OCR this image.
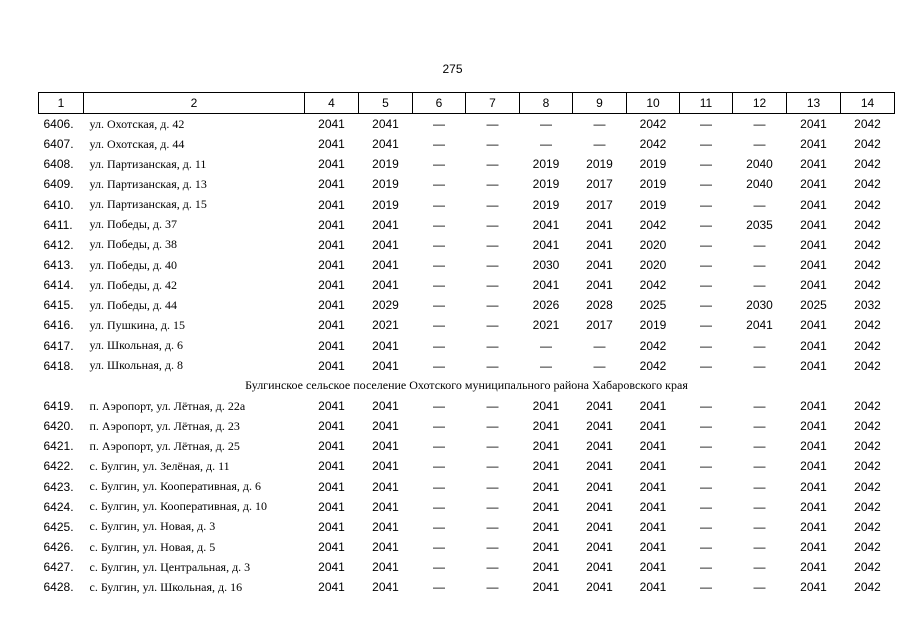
275
1	2	4	5	6	7	8	9	10	11	12	13	14
6406.	ул. Охотская, д. 42	2041	2041	—	—	—	—	2042	—	—	2041	2042
6407.	ул. Охотская, д. 44	2041	2041	—	—	—	—	2042	—	—	2041	2042
6408.	ул. Партизанская, д. 11	2041	2019	—	—	2019	2019	2019	—	2040	2041	2042
6409.	ул. Партизанская, д. 13	2041	2019	—	—	2019	2017	2019	—	2040	2041	2042
6410.	ул. Партизанская, д. 15	2041	2019	—	—	2019	2017	2019	—	—	2041	2042
6411.	ул. Победы, д. 37	2041	2041	—	—	2041	2041	2042	—	2035	2041	2042
6412.	ул. Победы, д. 38	2041	2041	—	—	2041	2041	2020	—	—	2041	2042
6413.	ул. Победы, д. 40	2041	2041	—	—	2030	2041	2020	—	—	2041	2042
6414.	ул. Победы, д. 42	2041	2041	—	—	2041	2041	2042	—	—	2041	2042
6415.	ул. Победы, д. 44	2041	2029	—	—	2026	2028	2025	—	2030	2025	2032
6416.	ул. Пушкина, д. 15	2041	2021	—	—	2021	2017	2019	—	2041	2041	2042
6417.	ул. Школьная, д. 6	2041	2041	—	—	—	—	2042	—	—	2041	2042
6418.	ул. Школьная, д. 8	2041	2041	—	—	—	—	2042	—	—	2041	2042
Булгинское сельское поселение Охотского муниципального района Хабаровского края												
6419.	п. Аэропорт, ул. Лётная, д. 22а	2041	2041	—	—	2041	2041	2041	—	—	2041	2042
6420.	п. Аэропорт, ул. Лётная, д. 23	2041	2041	—	—	2041	2041	2041	—	—	2041	2042
6421.	п. Аэропорт, ул. Лётная, д. 25	2041	2041	—	—	2041	2041	2041	—	—	2041	2042
6422.	с. Булгин, ул. Зелёная, д. 11	2041	2041	—	—	2041	2041	2041	—	—	2041	2042
6423.	с. Булгин, ул. Кооперативная, д. 6	2041	2041	—	—	2041	2041	2041	—	—	2041	2042
6424.	с. Булгин, ул. Кооперативная, д. 10	2041	2041	—	—	2041	2041	2041	—	—	2041	2042
6425.	с. Булгин, ул. Новая, д. 3	2041	2041	—	—	2041	2041	2041	—	—	2041	2042
6426.	с. Булгин, ул. Новая, д. 5	2041	2041	—	—	2041	2041	2041	—	—	2041	2042
6427.	с. Булгин, ул. Центральная, д. 3	2041	2041	—	—	2041	2041	2041	—	—	2041	2042
6428.	с. Булгин, ул. Школьная, д. 16	2041	2041	—	—	2041	2041	2041	—	—	2041	2042
